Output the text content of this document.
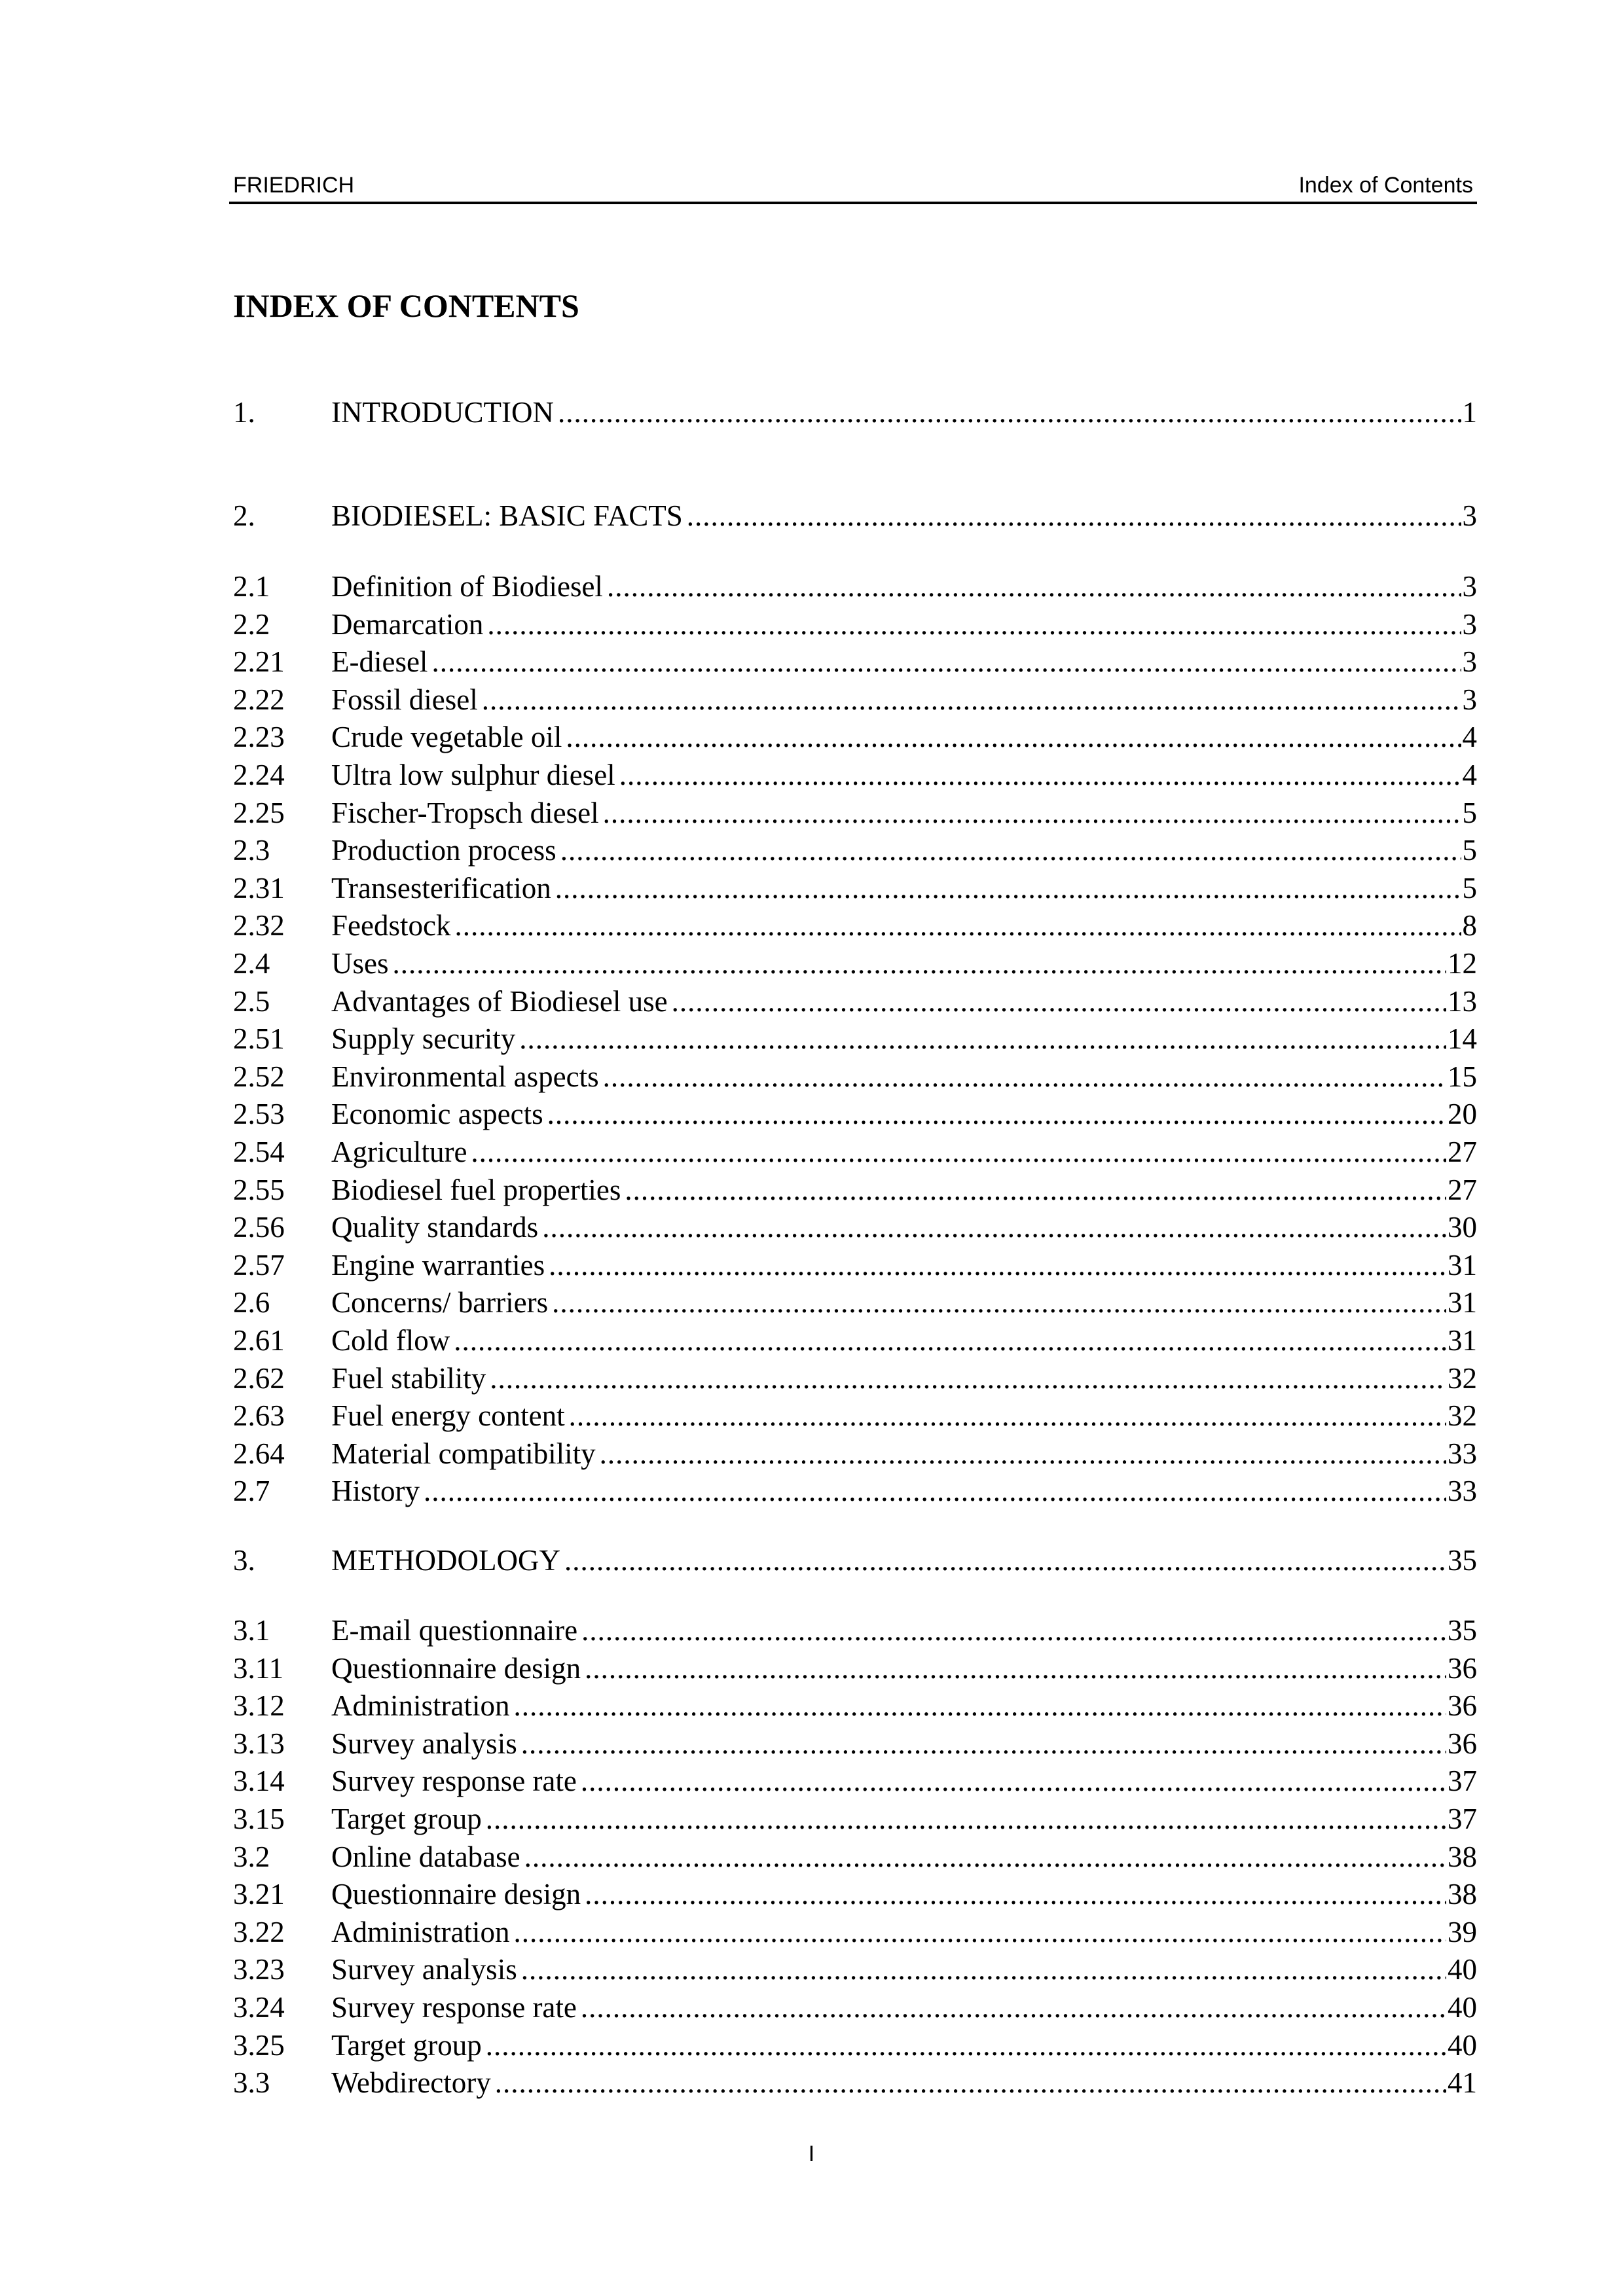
FRIEDRICH	Index of Contents
INDEX OF CONTENTS
1.	INTRODUCTION .....	1
2.	BIODIESEL: BASIC FACTS .....	3
2.1 Definition of Biodiesel .....	3
2.2 Demarcation .....	3
2.21 E-diesel .....	3
2.22 Fossil diesel .....	3
2.23 Crude vegetable oil .....	4
2.24 Ultra low sulphur diesel .....	4
2.25 Fischer-Tropsch diesel .....	5
2.3 Production process .....	5
2.31 Transesterification .....	5
2.32 Feedstock .....	8
2.4 Uses .....	12
2.5 Advantages of Biodiesel use .....	13
2.51 Supply security .....	14
2.52 Environmental aspects .....	15
2.53 Economic aspects .....	20
2.54 Agriculture .....	27
2.55 Biodiesel fuel properties .....	27
2.56 Quality standards .....	30
2.57 Engine warranties .....	31
2.6 Concerns/ barriers .....	31
2.61 Cold flow .....	31
2.62 Fuel stability .....	32
2.63 Fuel energy content .....	32
2.64 Material compatibility .....	33
2.7 History .....	33
3.	METHODOLOGY .....	35
3.1 E-mail questionnaire .....	35
3.11 Questionnaire design .....	36
3.12 Administration .....	36
3.13 Survey analysis .....	36
3.14 Survey response rate .....	37
3.15 Target group .....	37
3.2 Online database .....	38
3.21 Questionnaire design .....	38
3.22 Administration .....	39
3.23 Survey analysis .....	40
3.24 Survey response rate .....	40
3.25 Target group .....	40
3.3 Webdirectory .....	41
I
